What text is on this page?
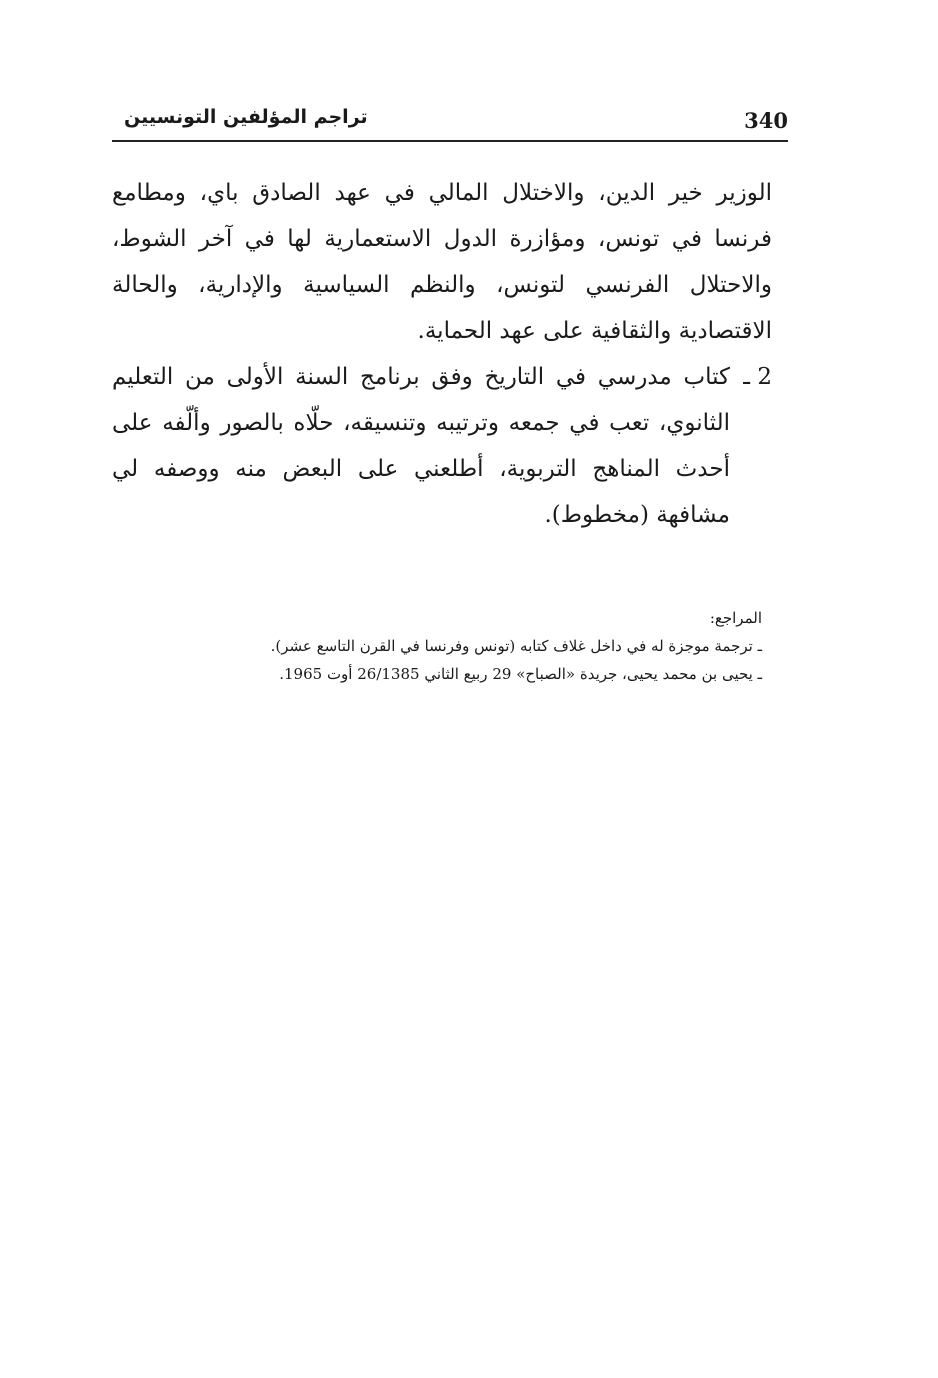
340
تراجم المؤلفين التونسيين

الوزير خير الدين، والاختلال المالي في عهد الصادق باي، ومطامع فرنسا في تونس، ومؤازرة الدول الاستعمارية لها في آخر الشوط، والاحتلال الفرنسي لتونس، والنظم السياسية والإدارية، والحالة الاقتصادية والثقافية على عهد الحماية.

2 ـ

كتاب مدرسي في التاريخ وفق برنامج السنة الأولى من التعليم الثانوي، تعب في جمعه وترتيبه وتنسيقه، حلّاه بالصور وألّفه على أحدث المناهج التربوية، أطلعني على البعض منه ووصفه لي مشافهة (مخطوط).

المراجع:
ـ ترجمة موجزة له في داخل غلاف كتابه (تونس وفرنسا في القرن التاسع عشر).
ـ يحيى بن محمد يحيى، جريدة «الصباح» 29 ربيع الثاني 26/1385 أوت 1965.
